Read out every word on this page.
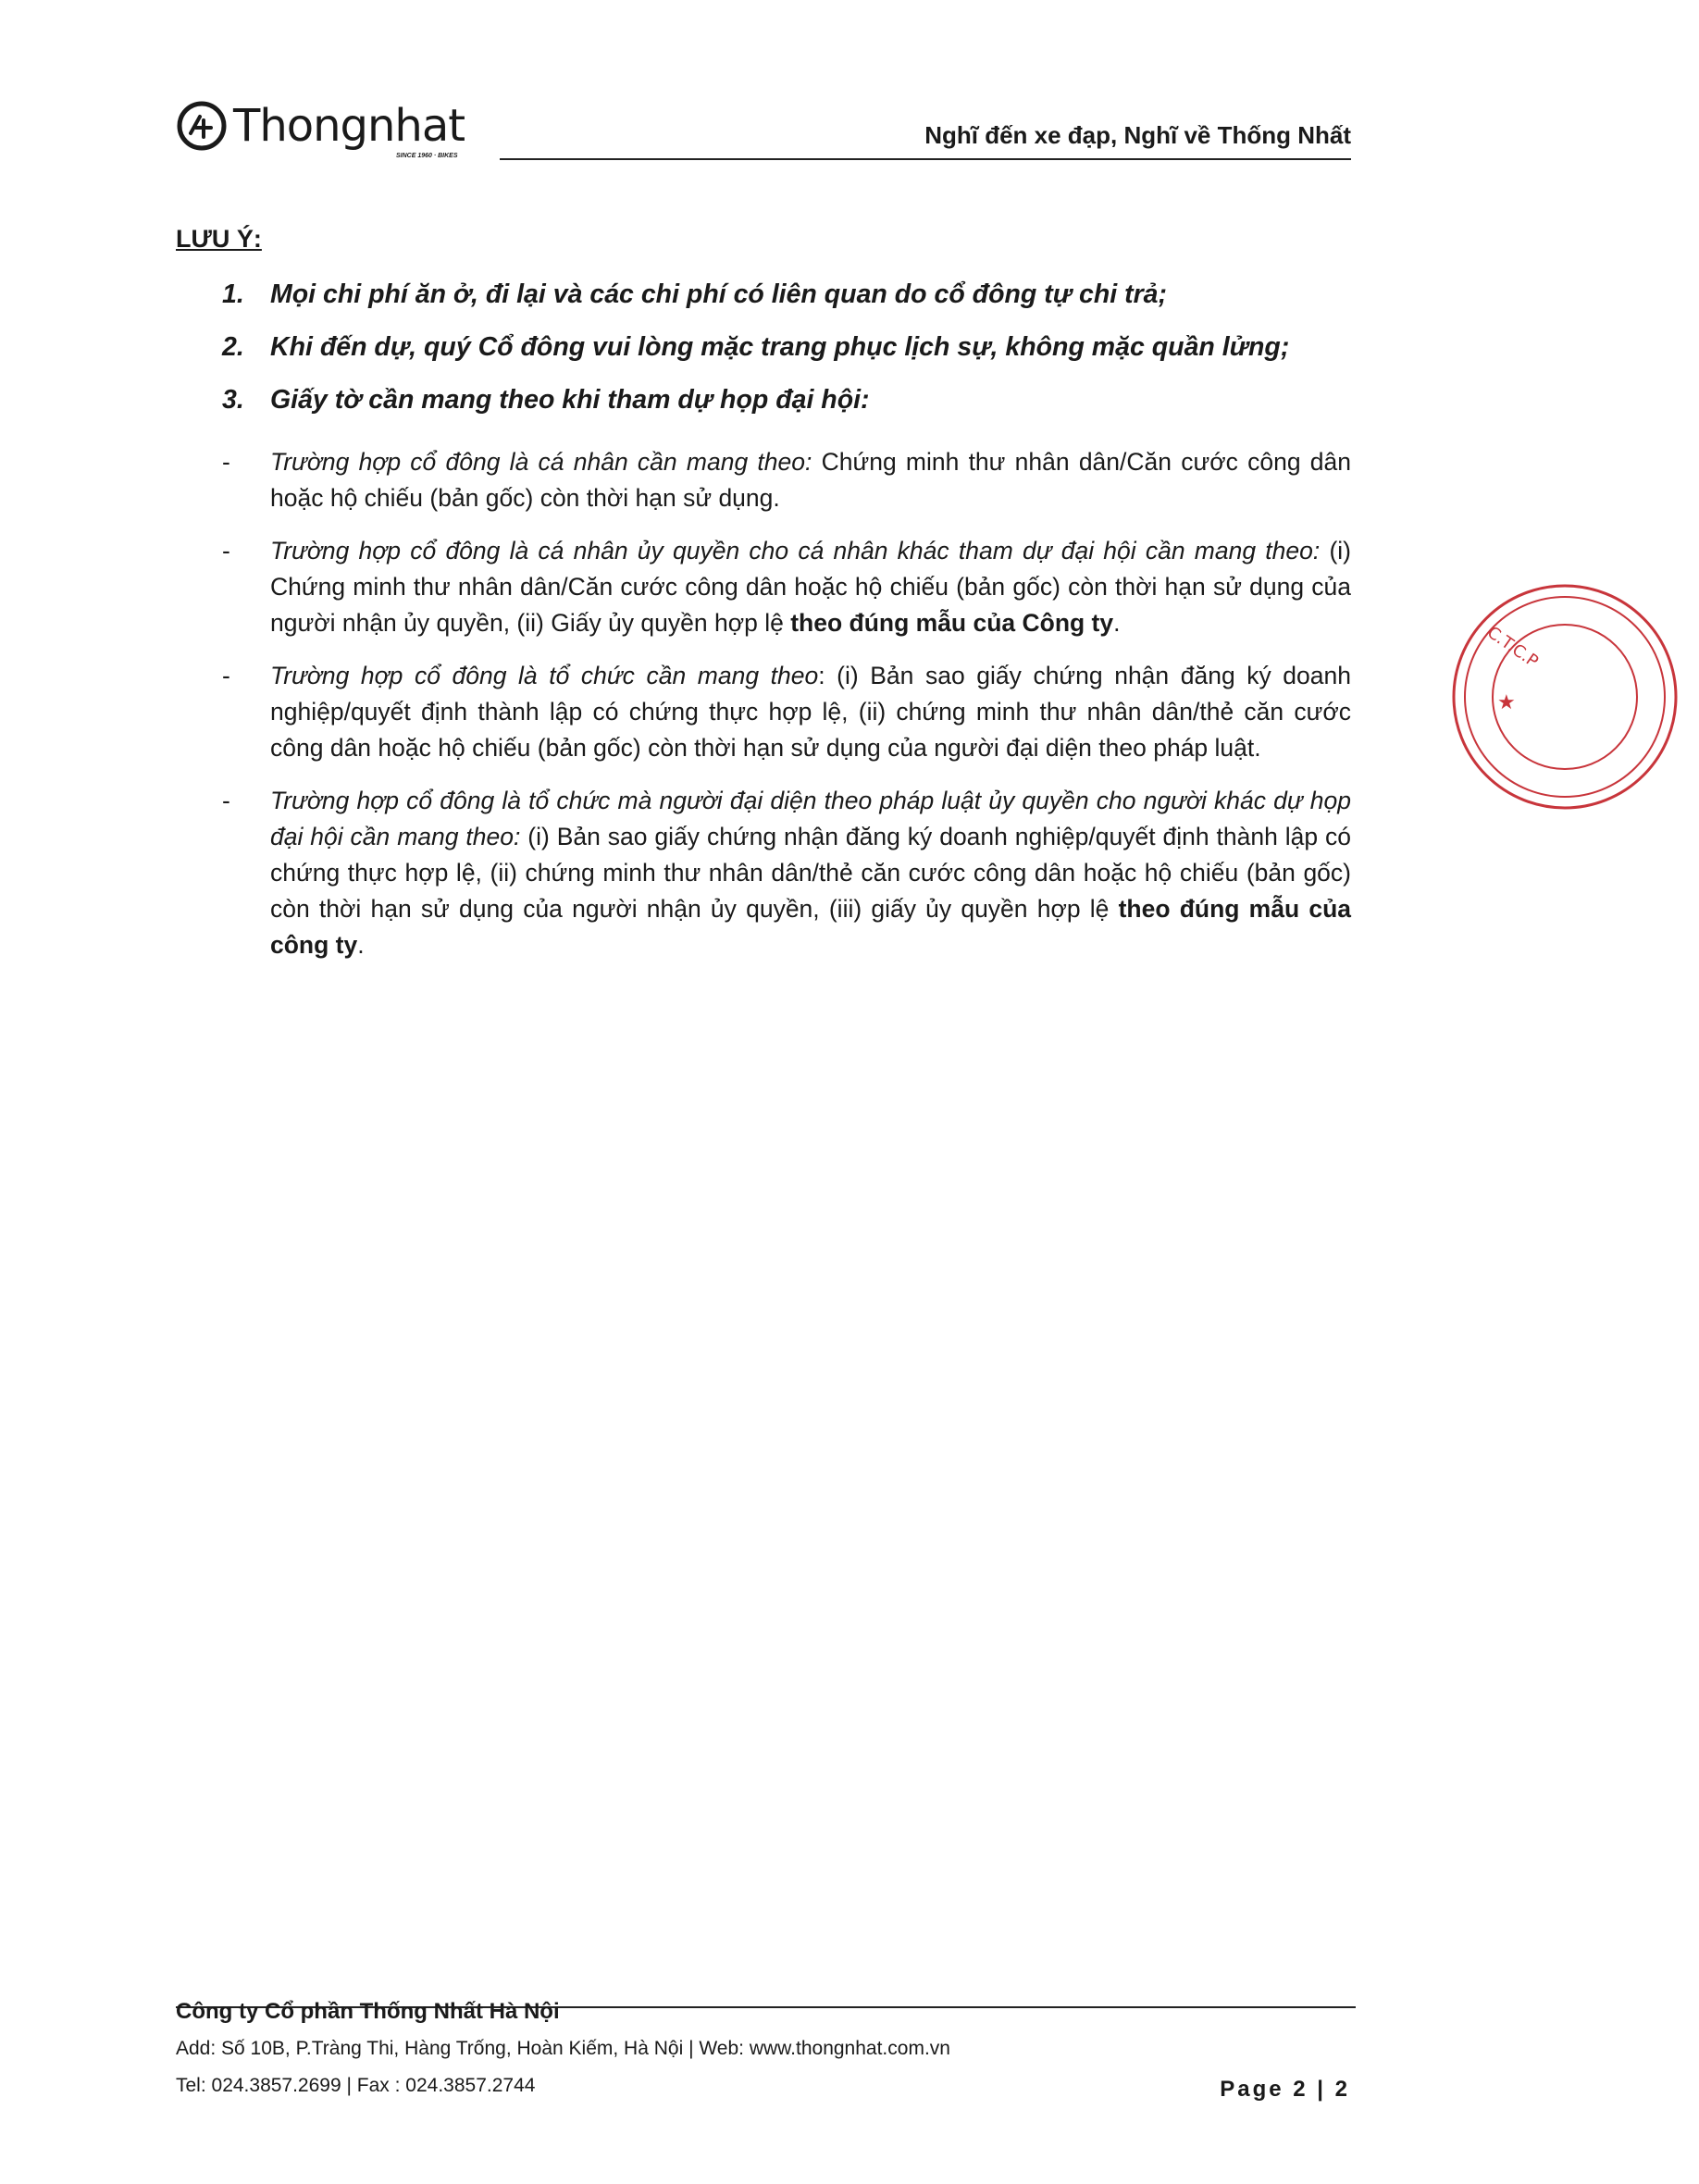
Thongnhat
SINCE 1960 · BIKES
Nghĩ đến xe đạp, Nghĩ về Thống Nhất
LƯU Ý:
1. Mọi chi phí ăn ở, đi lại và các chi phí có liên quan do cổ đông tự chi trả;
2. Khi đến dự, quý Cổ đông vui lòng mặc trang phục lịch sự, không mặc quần lửng;
3. Giấy tờ cần mang theo khi tham dự họp đại hội:
-	Trường hợp cổ đông là cá nhân cần mang theo: Chứng minh thư nhân dân/Căn cước công dân hoặc hộ chiếu (bản gốc) còn thời hạn sử dụng.
-	Trường hợp cổ đông là cá nhân ủy quyền cho cá nhân khác tham dự đại hội cần mang theo: (i) Chứng minh thư nhân dân/Căn cước công dân hoặc hộ chiếu (bản gốc) còn thời hạn sử dụng của người nhận ủy quyền, (ii) Giấy ủy quyền hợp lệ theo đúng mẫu của Công ty.
-	Trường hợp cổ đông là tổ chức cần mang theo: (i) Bản sao giấy chứng nhận đăng ký doanh nghiệp/quyết định thành lập có chứng thực hợp lệ, (ii) chứng minh thư nhân dân/thẻ căn cước công dân hoặc hộ chiếu (bản gốc) còn thời hạn sử dụng của người đại diện theo pháp luật.
-	Trường hợp cổ đông là tổ chức mà người đại diện theo pháp luật ủy quyền cho người khác dự họp đại hội cần mang theo: (i) Bản sao giấy chứng nhận đăng ký doanh nghiệp/quyết định thành lập có chứng thực hợp lệ, (ii) chứng minh thư nhân dân/thẻ căn cước công dân hoặc hộ chiếu (bản gốc) còn thời hạn sử dụng của người nhận ủy quyền, (iii) giấy ủy quyền hợp lệ theo đúng mẫu của công ty.
C.T.C.P
★
Công ty Cổ phần Thống Nhất Hà Nội
Add: Số 10B, P.Tràng Thi, Hàng Trống, Hoàn Kiếm, Hà Nội | Web: www.thongnhat.com.vn
Tel: 024.3857.2699 | Fax : 024.3857.2744	Page 2 | 2
